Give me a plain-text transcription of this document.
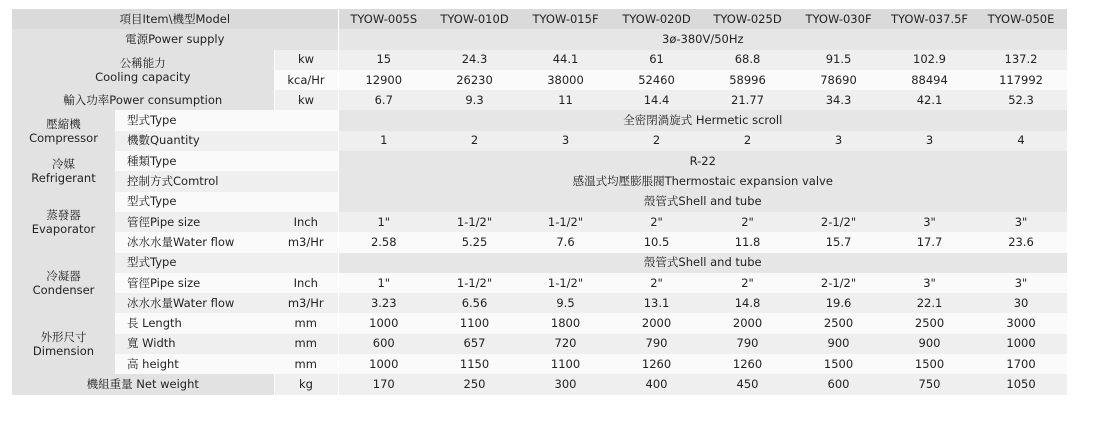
項目Item\機型Model			TYOW-005S	TYOW-010D	TYOW-015F	TYOW-020D	TYOW-025D	TYOW-030F	TYOW-037.5F	TYOW-050E
電源Power supply			3ø-380V/50Hz							
公稱能力
Cooling capacity		kw	15	24.3	44.1	61	68.8	91.5	102.9	137.2
		kca/Hr	12900	26230	38000	52460	58996	78690	88494	117992
輸入功率Power consumption		kw	6.7	9.3	11	14.4	21.77	34.3	42.1	52.3
壓縮機
Compressor	型式Type		全密閉渦旋式 Hermetic scroll							
	機數Quantity		1	2	3	2	2	3	3	4
冷媒
Refrigerant	種類Type		R-22							
	控制方式Comtrol		感溫式均壓膨脹閥Thermostaic expansion valve							
蒸發器
Evaporator	型式Type		殼管式Shell and tube							
	管徑Pipe size	Inch	1"	1-1/2"	1-1/2"	2"	2"	2-1/2"	3"	3"
	冰水水量Water flow	m3/Hr	2.58	5.25	7.6	10.5	11.8	15.7	17.7	23.6
冷凝器
Condenser	型式Type		殼管式Shell and tube							
	管徑Pipe size	Inch	1"	1-1/2"	1-1/2"	2"	2"	2-1/2"	3"	3"
	冰水水量Water flow	m3/Hr	3.23	6.56	9.5	13.1	14.8	19.6	22.1	30
外形尺寸
Dimension	長 Length	mm	1000	1100	1800	2000	2000	2500	2500	3000
	寬 Width	mm	600	657	720	790	790	900	900	1000
	高 height	mm	1000	1150	1100	1260	1260	1500	1500	1700
機組重量 Net weight		kg	170	250	300	400	450	600	750	1050
